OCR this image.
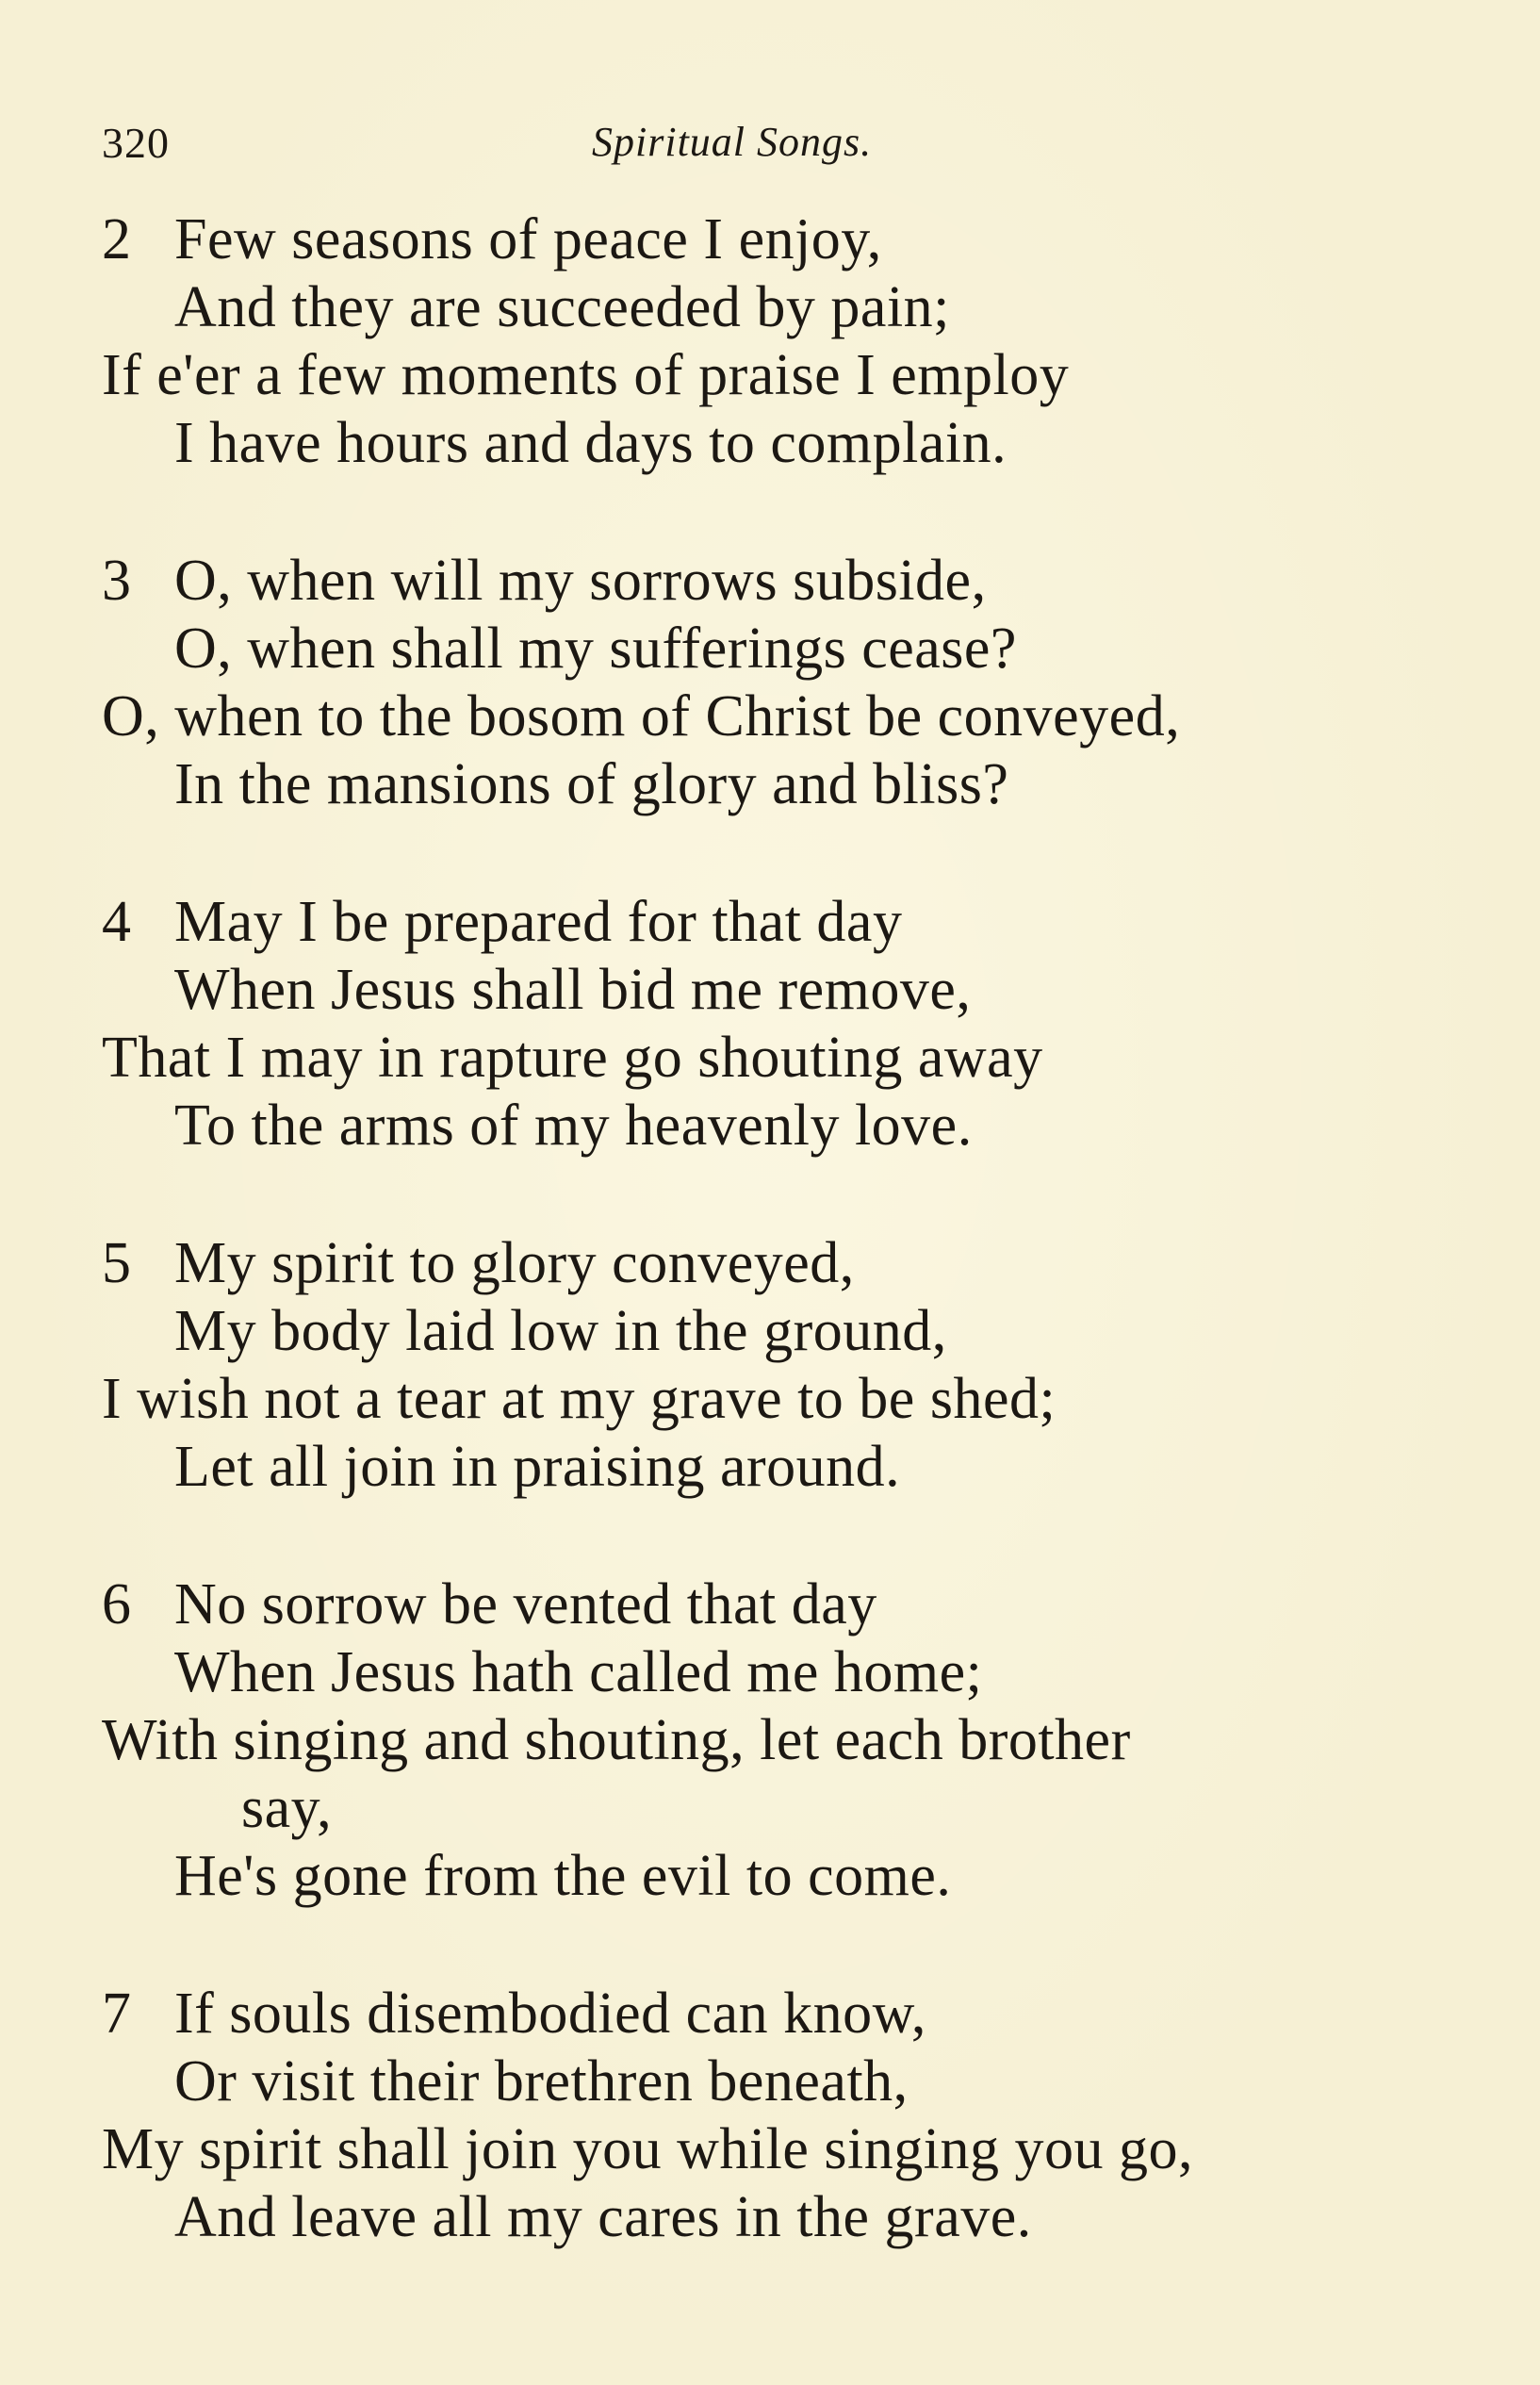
320	Spiritual Songs.
2 Few seasons of peace I enjoy,
And they are succeeded by pain;
If e'er a few moments of praise I employ
I have hours and days to complain.
3 O, when will my sorrows subside,
O, when shall my sufferings cease?
O, when to the bosom of Christ be conveyed,
In the mansions of glory and bliss?
4 May I be prepared for that day
When Jesus shall bid me remove,
That I may in rapture go shouting away
To the arms of my heavenly love.
5 My spirit to glory conveyed,
My body laid low in the ground,
I wish not a tear at my grave to be shed;
Let all join in praising around.
6 No sorrow be vented that day
When Jesus hath called me home;
With singing and shouting, let each brother
say,
He's gone from the evil to come.
7 If souls disembodied can know,
Or visit their brethren beneath,
My spirit shall join you while singing you go,
And leave all my cares in the grave.
